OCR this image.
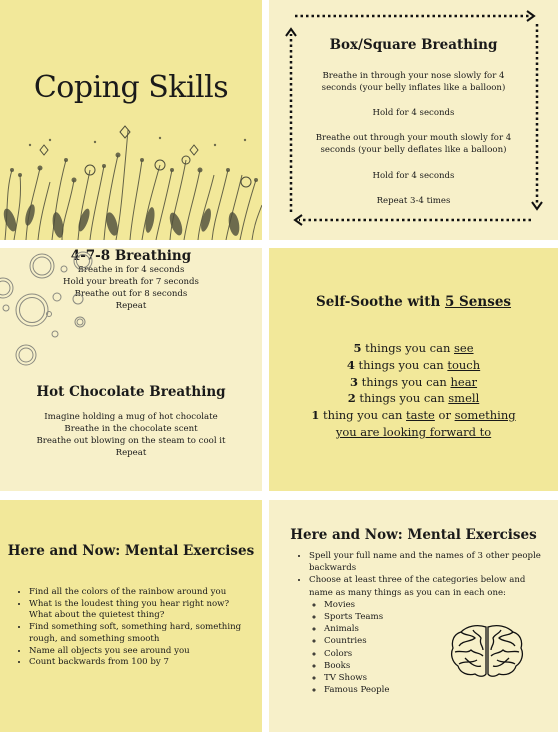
Coping Skills
Box/Square Breathing
Breathe in through your nose slowly for 4 seconds (your belly inflates like a balloon)
Hold for 4 seconds
Breathe out through your mouth slowly for 4 seconds (your belly deflates like a balloon)
Hold for 4 seconds
Repeat 3-4 times
4-7-8 Breathing
Breathe in for 4 seconds
Hold your breath for 7 seconds
Breathe out for 8 seconds
Repeat
Hot Chocolate Breathing
Imagine holding a mug of hot chocolate
Breathe in the chocolate scent
Breathe out blowing on the steam to cool it
Repeat
Self-Soothe with 5 Senses
5 things you can see
4 things you can touch
3 things you can hear
2 things you can smell
1 thing you can taste or something
you are looking forward to
Here and Now: Mental Exercises
• Find all the colors of the rainbow around you
• What is the loudest thing you hear right now? What about the quietest thing?
• Find something soft, something hard, something rough, and something smooth
• Name all objects you see around you
• Count backwards from 100 by 7
Here and Now: Mental Exercises
• Spell your full name and the names of 3 other people backwards
• Choose at least three of the categories below and name as many things as you can in each one:
◦ Movies
◦ Sports Teams
◦ Animals
◦ Countries
◦ Colors
◦ Books
◦ TV Shows
◦ Famous People
